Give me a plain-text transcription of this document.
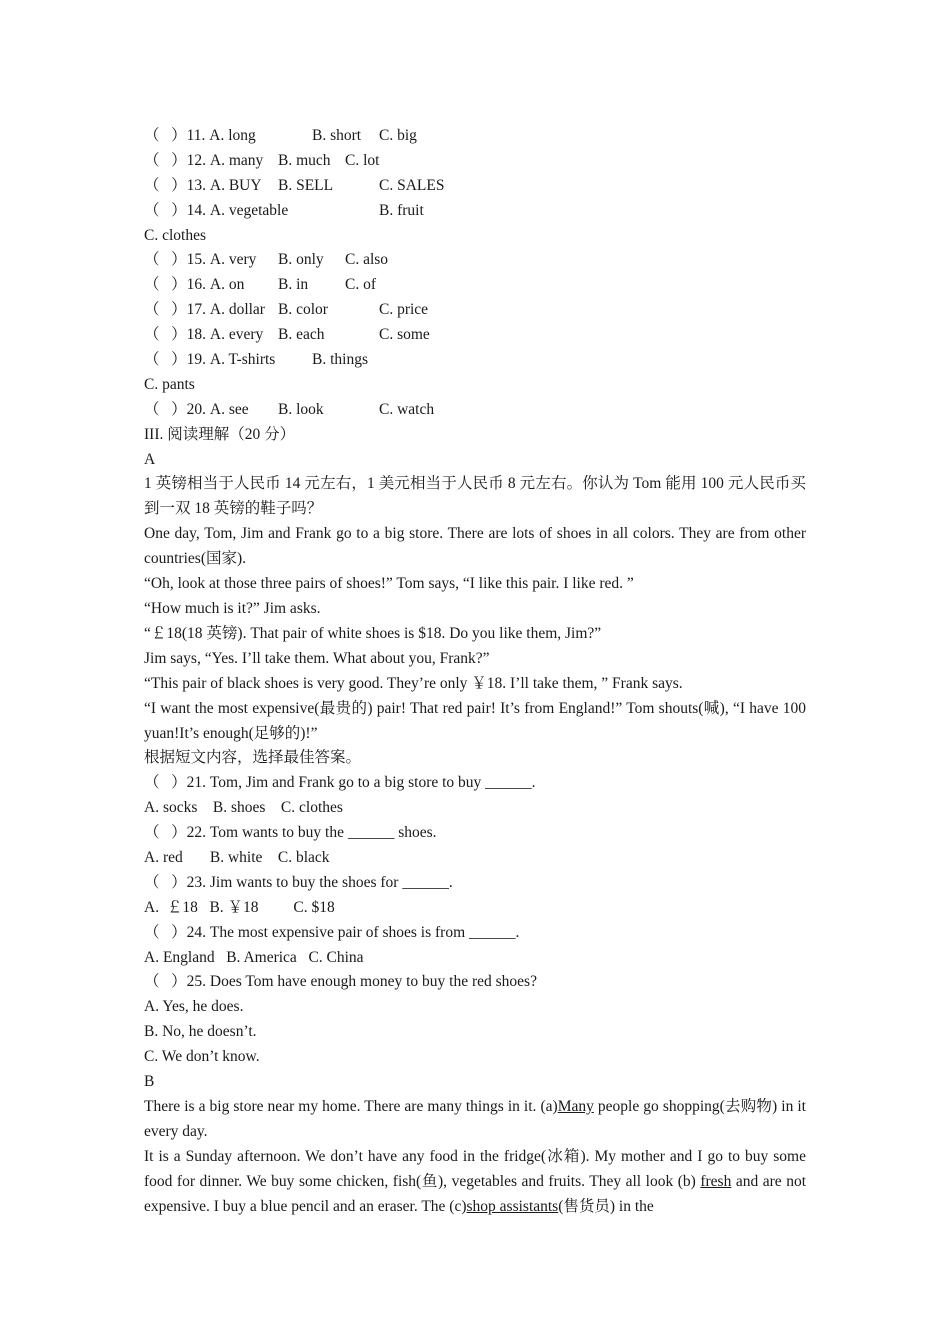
（   ）11. A. long	B. short C. big
（   ）12. A. many B. much C. lot
（   ）13. A. BUY B. SELL	C. SALES
（   ）14. A. vegetable	B. fruit
C. clothes
（   ）15. A. very B. only C. also
（   ）16. A. on B. in C. of
（   ）17. A. dollar B. color	C. price
（   ）18. A. every B. each	C. some
（   ）19. A. T-shirts B. things
C. pants
（   ）20. A. see B. look	C. watch
III. 阅读理解（20 分）
A
1 英镑相当于人民币 14 元左右，1 美元相当于人民币 8 元左右。你认为 Tom 能用 100 元人民币买到一双 18 英镑的鞋子吗？
One day, Tom, Jim and Frank go to a big store. There are lots of shoes in all colors. They are from other countries(国家).
“Oh, look at those three pairs of shoes!” Tom says, “I like this pair. I like red. ”
“How much is it?” Jim asks.
“￡18(18 英镑). That pair of white shoes is $18. Do you like them, Jim?”
Jim says, “Yes. I’ll take them. What about you, Frank?”
“This pair of black shoes is very good. They’re only ￥18. I’ll take them, ” Frank says.
“I want the most expensive(最贵的) pair! That red pair! It’s from England!” Tom shouts(喊), “I have 100 yuan!It’s enough(足够的)!”
根据短文内容，选择最佳答案。
（   ）21. Tom, Jim and Frank go to a big store to buy ______.
A. socks    B. shoes    C. clothes
（   ）22. Tom wants to buy the ______ shoes.
A. red       B. white    C. black
（   ）23. Jim wants to buy the shoes for ______.
A.  ￡18   B. ￥18         C. $18
（   ）24. The most expensive pair of shoes is from ______.
A. England   B. America   C. China
（   ）25. Does Tom have enough money to buy the red shoes?
A. Yes, he does.
B. No, he doesn’t.
C. We don’t know.
B
There is a big store near my home. There are many things in it. (a)Many people go shopping(去购物) in it every day.
It is a Sunday afternoon. We don’t have any food in the fridge(冰箱). My mother and I go to buy some food for dinner. We buy some chicken, fish(鱼), vegetables and fruits. They all look (b) fresh and are not expensive. I buy a blue pencil and an eraser. The (c)shop assistants(售货员) in the
